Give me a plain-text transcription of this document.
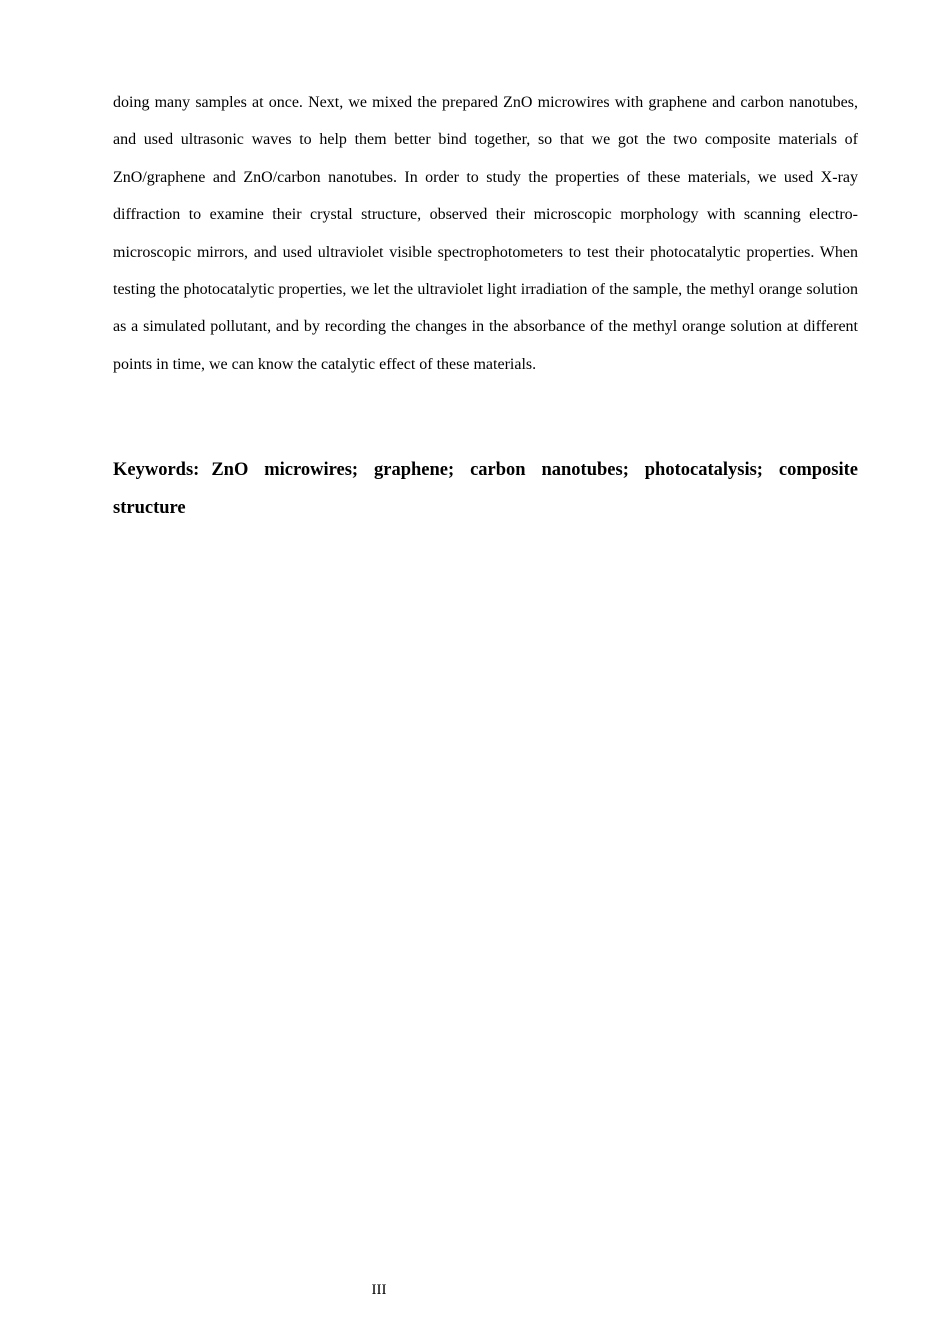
doing many samples at once. Next, we mixed the prepared ZnO microwires with graphene and carbon nanotubes, and used ultrasonic waves to help them better bind together, so that we got the two composite materials of ZnO/graphene and ZnO/carbon nanotubes. In order to study the properties of these materials, we used X-ray diffraction to examine their crystal structure, observed their microscopic morphology with scanning electro-microscopic mirrors, and used ultraviolet visible spectrophotometers to test their photocatalytic properties. When testing the photocatalytic properties, we let the ultraviolet light irradiation of the sample, the methyl orange solution as a simulated pollutant, and by recording the changes in the absorbance of the methyl orange solution at different points in time, we can know the catalytic effect of these materials.

Keywords: ZnO microwires; graphene; carbon nanotubes; photocatalysis; composite structure

III
